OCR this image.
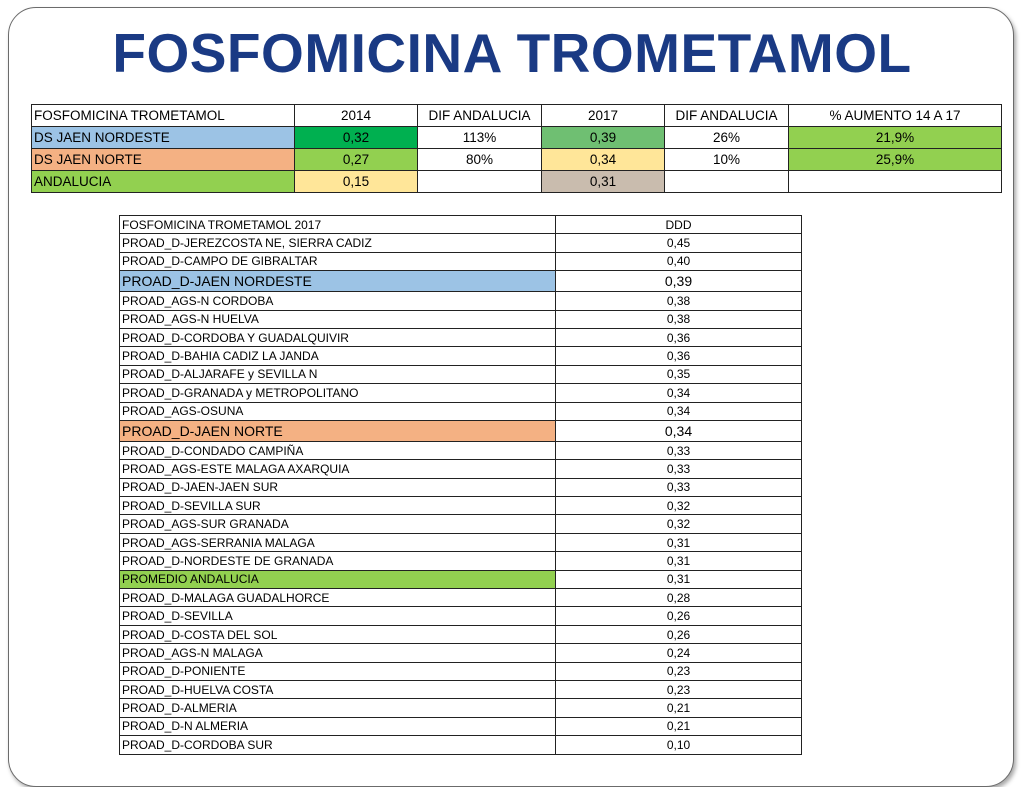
FOSFOMICINA TROMETAMOL
FOSFOMICINA TROMETAMOL	2014	DIF ANDALUCIA	2017	DIF ANDALUCIA	% AUMENTO 14 A 17
DS JAEN NORDESTE	0,32	113%	0,39	26%	21,9%
DS JAEN NORTE	0,27	80%	0,34	10%	25,9%
ANDALUCIA	0,15		0,31		
FOSFOMICINA TROMETAMOL 2017	DDD
PROAD_D-JEREZCOSTA NE, SIERRA CADIZ	0,45
PROAD_D-CAMPO DE GIBRALTAR	0,40
PROAD_D-JAEN NORDESTE	0,39
PROAD_AGS-N CORDOBA	0,38
PROAD_AGS-N HUELVA	0,38
PROAD_D-CORDOBA Y GUADALQUIVIR	0,36
PROAD_D-BAHIA CADIZ LA JANDA	0,36
PROAD_D-ALJARAFE y SEVILLA N	0,35
PROAD_D-GRANADA y METROPOLITANO	0,34
PROAD_AGS-OSUNA	0,34
PROAD_D-JAEN NORTE	0,34
PROAD_D-CONDADO CAMPIÑA	0,33
PROAD_AGS-ESTE MALAGA AXARQUIA	0,33
PROAD_D-JAEN-JAEN SUR	0,33
PROAD_D-SEVILLA SUR	0,32
PROAD_AGS-SUR GRANADA	0,32
PROAD_AGS-SERRANIA MALAGA	0,31
PROAD_D-NORDESTE DE GRANADA	0,31
PROMEDIO ANDALUCIA	0,31
PROAD_D-MALAGA GUADALHORCE	0,28
PROAD_D-SEVILLA	0,26
PROAD_D-COSTA DEL SOL	0,26
PROAD_AGS-N MALAGA	0,24
PROAD_D-PONIENTE	0,23
PROAD_D-HUELVA COSTA	0,23
PROAD_D-ALMERIA	0,21
PROAD_D-N ALMERIA	0,21
PROAD_D-CORDOBA SUR	0,10
